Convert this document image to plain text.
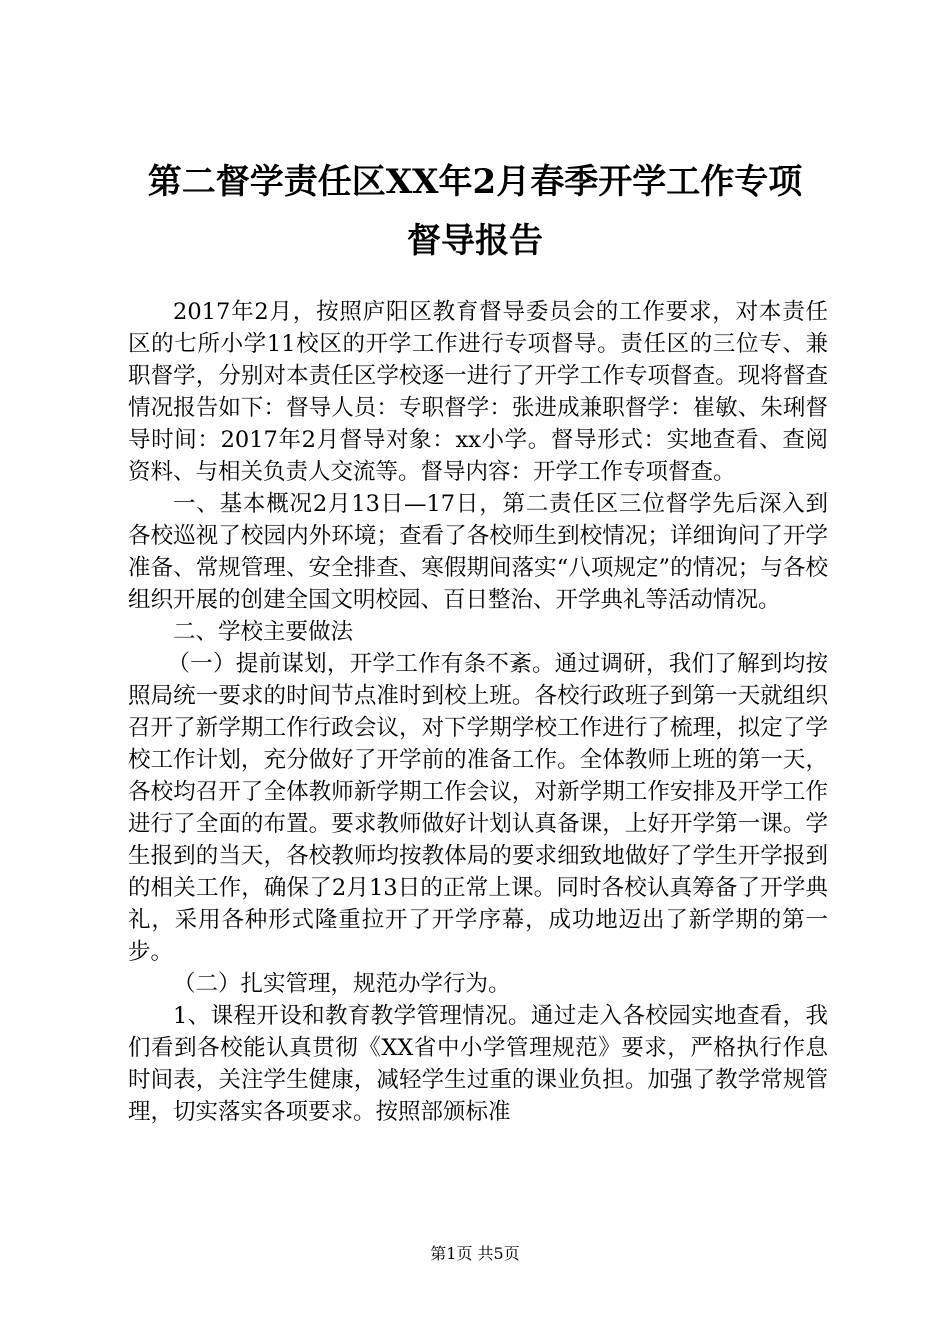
第二督学责任区XX年2月春季开学工作专项
督导报告

2017年2月，按照庐阳区教育督导委员会的工作要求，对本责任区的七所小学11校区的开学工作进行专项督导。责任区的三位专、兼职督学，分别对本责任区学校逐一进行了开学工作专项督查。现将督查情况报告如下：督导人员：专职督学：张进成兼职督学：崔敏、朱琍督导时间：2017年2月督导对象：xx小学。督导形式：实地查看、查阅资料、与相关负责人交流等。督导内容：开学工作专项督查。

一、基本概况2月13日—17日，第二责任区三位督学先后深入到各校巡视了校园内外环境；查看了各校师生到校情况；详细询问了开学准备、常规管理、安全排查、寒假期间落实“八项规定”的情况；与各校组织开展的创建全国文明校园、百日整治、开学典礼等活动情况。

二、学校主要做法

（一）提前谋划，开学工作有条不紊。通过调研，我们了解到均按照局统一要求的时间节点准时到校上班。各校行政班子到第一天就组织召开了新学期工作行政会议，对下学期学校工作进行了梳理，拟定了学校工作计划，充分做好了开学前的准备工作。全体教师上班的第一天，各校均召开了全体教师新学期工作会议，对新学期工作安排及开学工作进行了全面的布置。要求教师做好计划认真备课，上好开学第一课。学生报到的当天，各校教师均按教体局的要求细致地做好了学生开学报到的相关工作，确保了2月13日的正常上课。同时各校认真筹备了开学典礼，采用各种形式隆重拉开了开学序幕，成功地迈出了新学期的第一步。

（二）扎实管理，规范办学行为。

1、课程开设和教育教学管理情况。通过走入各校园实地查看，我们看到各校能认真贯彻《XX省中小学管理规范》要求，严格执行作息时间表，关注学生健康，减轻学生过重的课业负担。加强了教学常规管理，切实落实各项要求。按照部颁标准

第1页 共5页
